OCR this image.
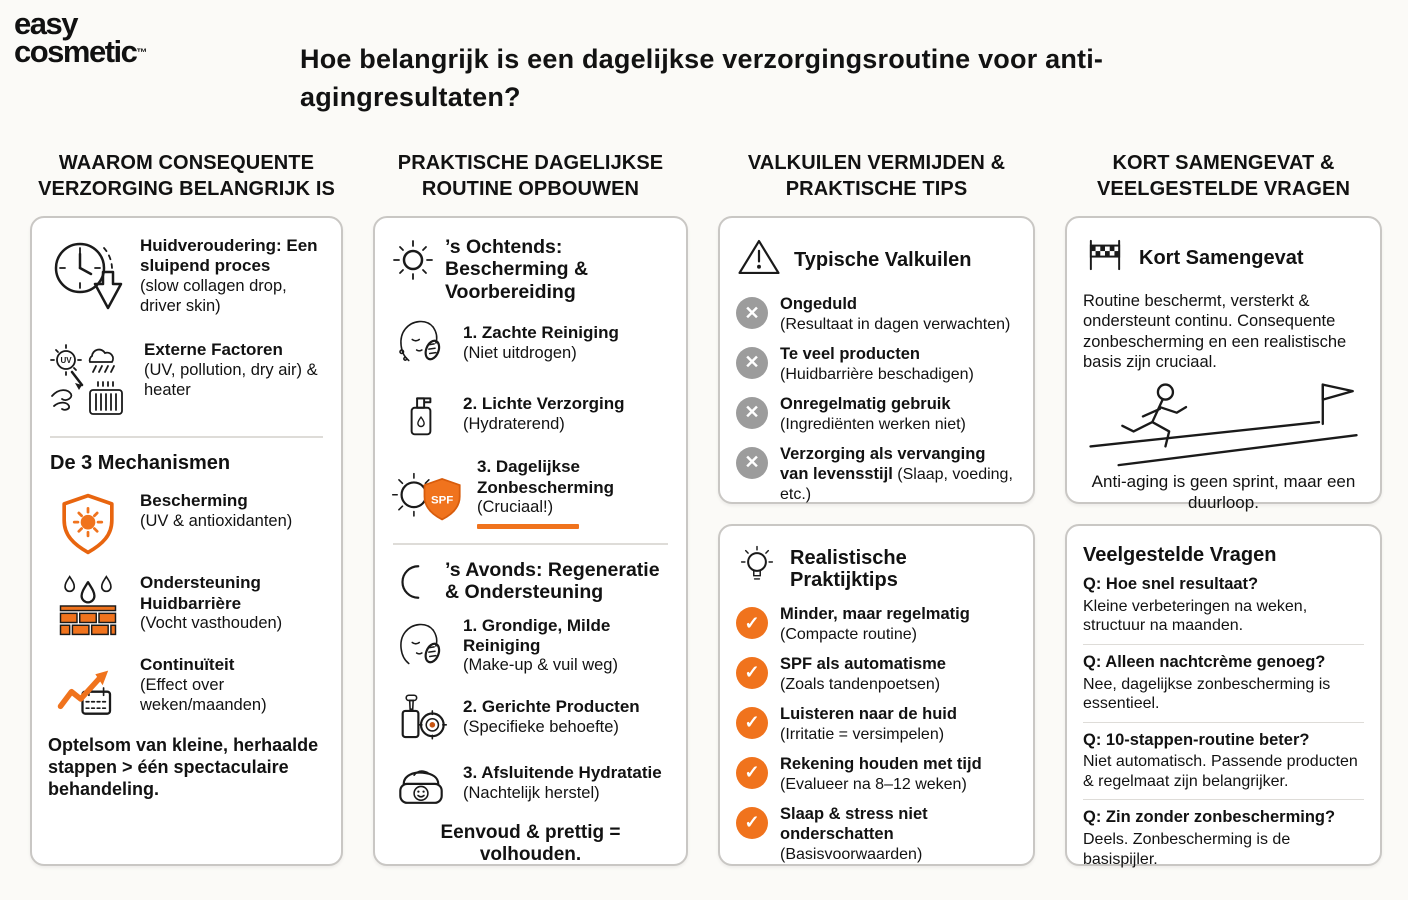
easy
cosmetic™	Hoe belangrijk is een dagelijkse verzorgingsroutine voor anti-agingresultaten?
WAAROM CONSEQUENTE VERZORGING BELANGRIJK IS
Huidveroudering: Een sluipend proces
(slow collagen drop, driver skin)
UV
Externe Factoren
(UV, pollution, dry air) & heater
De 3 Mechanismen
Bescherming
(UV & antioxidanten)
Ondersteuning Huidbarrière
(Vocht vasthouden)
Continuïteit
(Effect over weken/maanden)
Optelsom van kleine, herhaalde stappen > één spectaculaire behandeling.
PRAKTISCHE DAGELIJKSE ROUTINE OPBOUWEN
’s Ochtends: Bescherming & Voorbereiding
1. Zachte Reiniging
(Niet uitdrogen)
2. Lichte Verzorging
(Hydraterend)
SPF
3. Dagelijkse Zonbescherming
(Cruciaal!)
’s Avonds: Regeneratie & Ondersteuning
1. Grondige, Milde Reiniging
(Make-up & vuil weg)
2. Gerichte Producten
(Specifieke behoefte)
3. Afsluitende Hydratatie
(Nachtelijk herstel)
Eenvoud & prettig = volhouden.
VALKUILEN VERMIJDEN & PRAKTISCHE TIPS
Typische Valkuilen
✕	Ongeduld
(Resultaat in dagen verwachten)
✕	Te veel producten
(Huidbarrière beschadigen)
✕	Onregelmatig gebruik
(Ingrediënten werken niet)
✕	Verzorging als vervanging van levensstijl (Slaap, voeding, etc.)
Realistische Praktijktips
✓	Minder, maar regelmatig
(Compacte routine)
✓	SPF als automatisme
(Zoals tandenpoetsen)
✓	Luisteren naar de huid
(Irritatie = versimpelen)
✓	Rekening houden met tijd
(Evalueer na 8–12 weken)
✓	Slaap & stress niet onderschatten
(Basisvoorwaarden)
KORT SAMENGEVAT & VEELGESTELDE VRAGEN
Kort Samengevat

Routine beschermt, versterkt & ondersteunt continu. Consequente zonbescherming en een realistische basis zijn cruciaal.

Anti-aging is geen sprint, maar een duurloop.
Veelgestelde Vragen
Q: Hoe snel resultaat?
Kleine verbeteringen na weken, structuur na maanden.
Q: Alleen nachtcrème genoeg?
Nee, dagelijkse zonbescherming is essentieel.
Q: 10-stappen-routine beter?
Niet automatisch. Passende producten & regelmaat zijn belangrijker.
Q: Zin zonder zonbescherming?
Deels. Zonbescherming is de basispijler.
